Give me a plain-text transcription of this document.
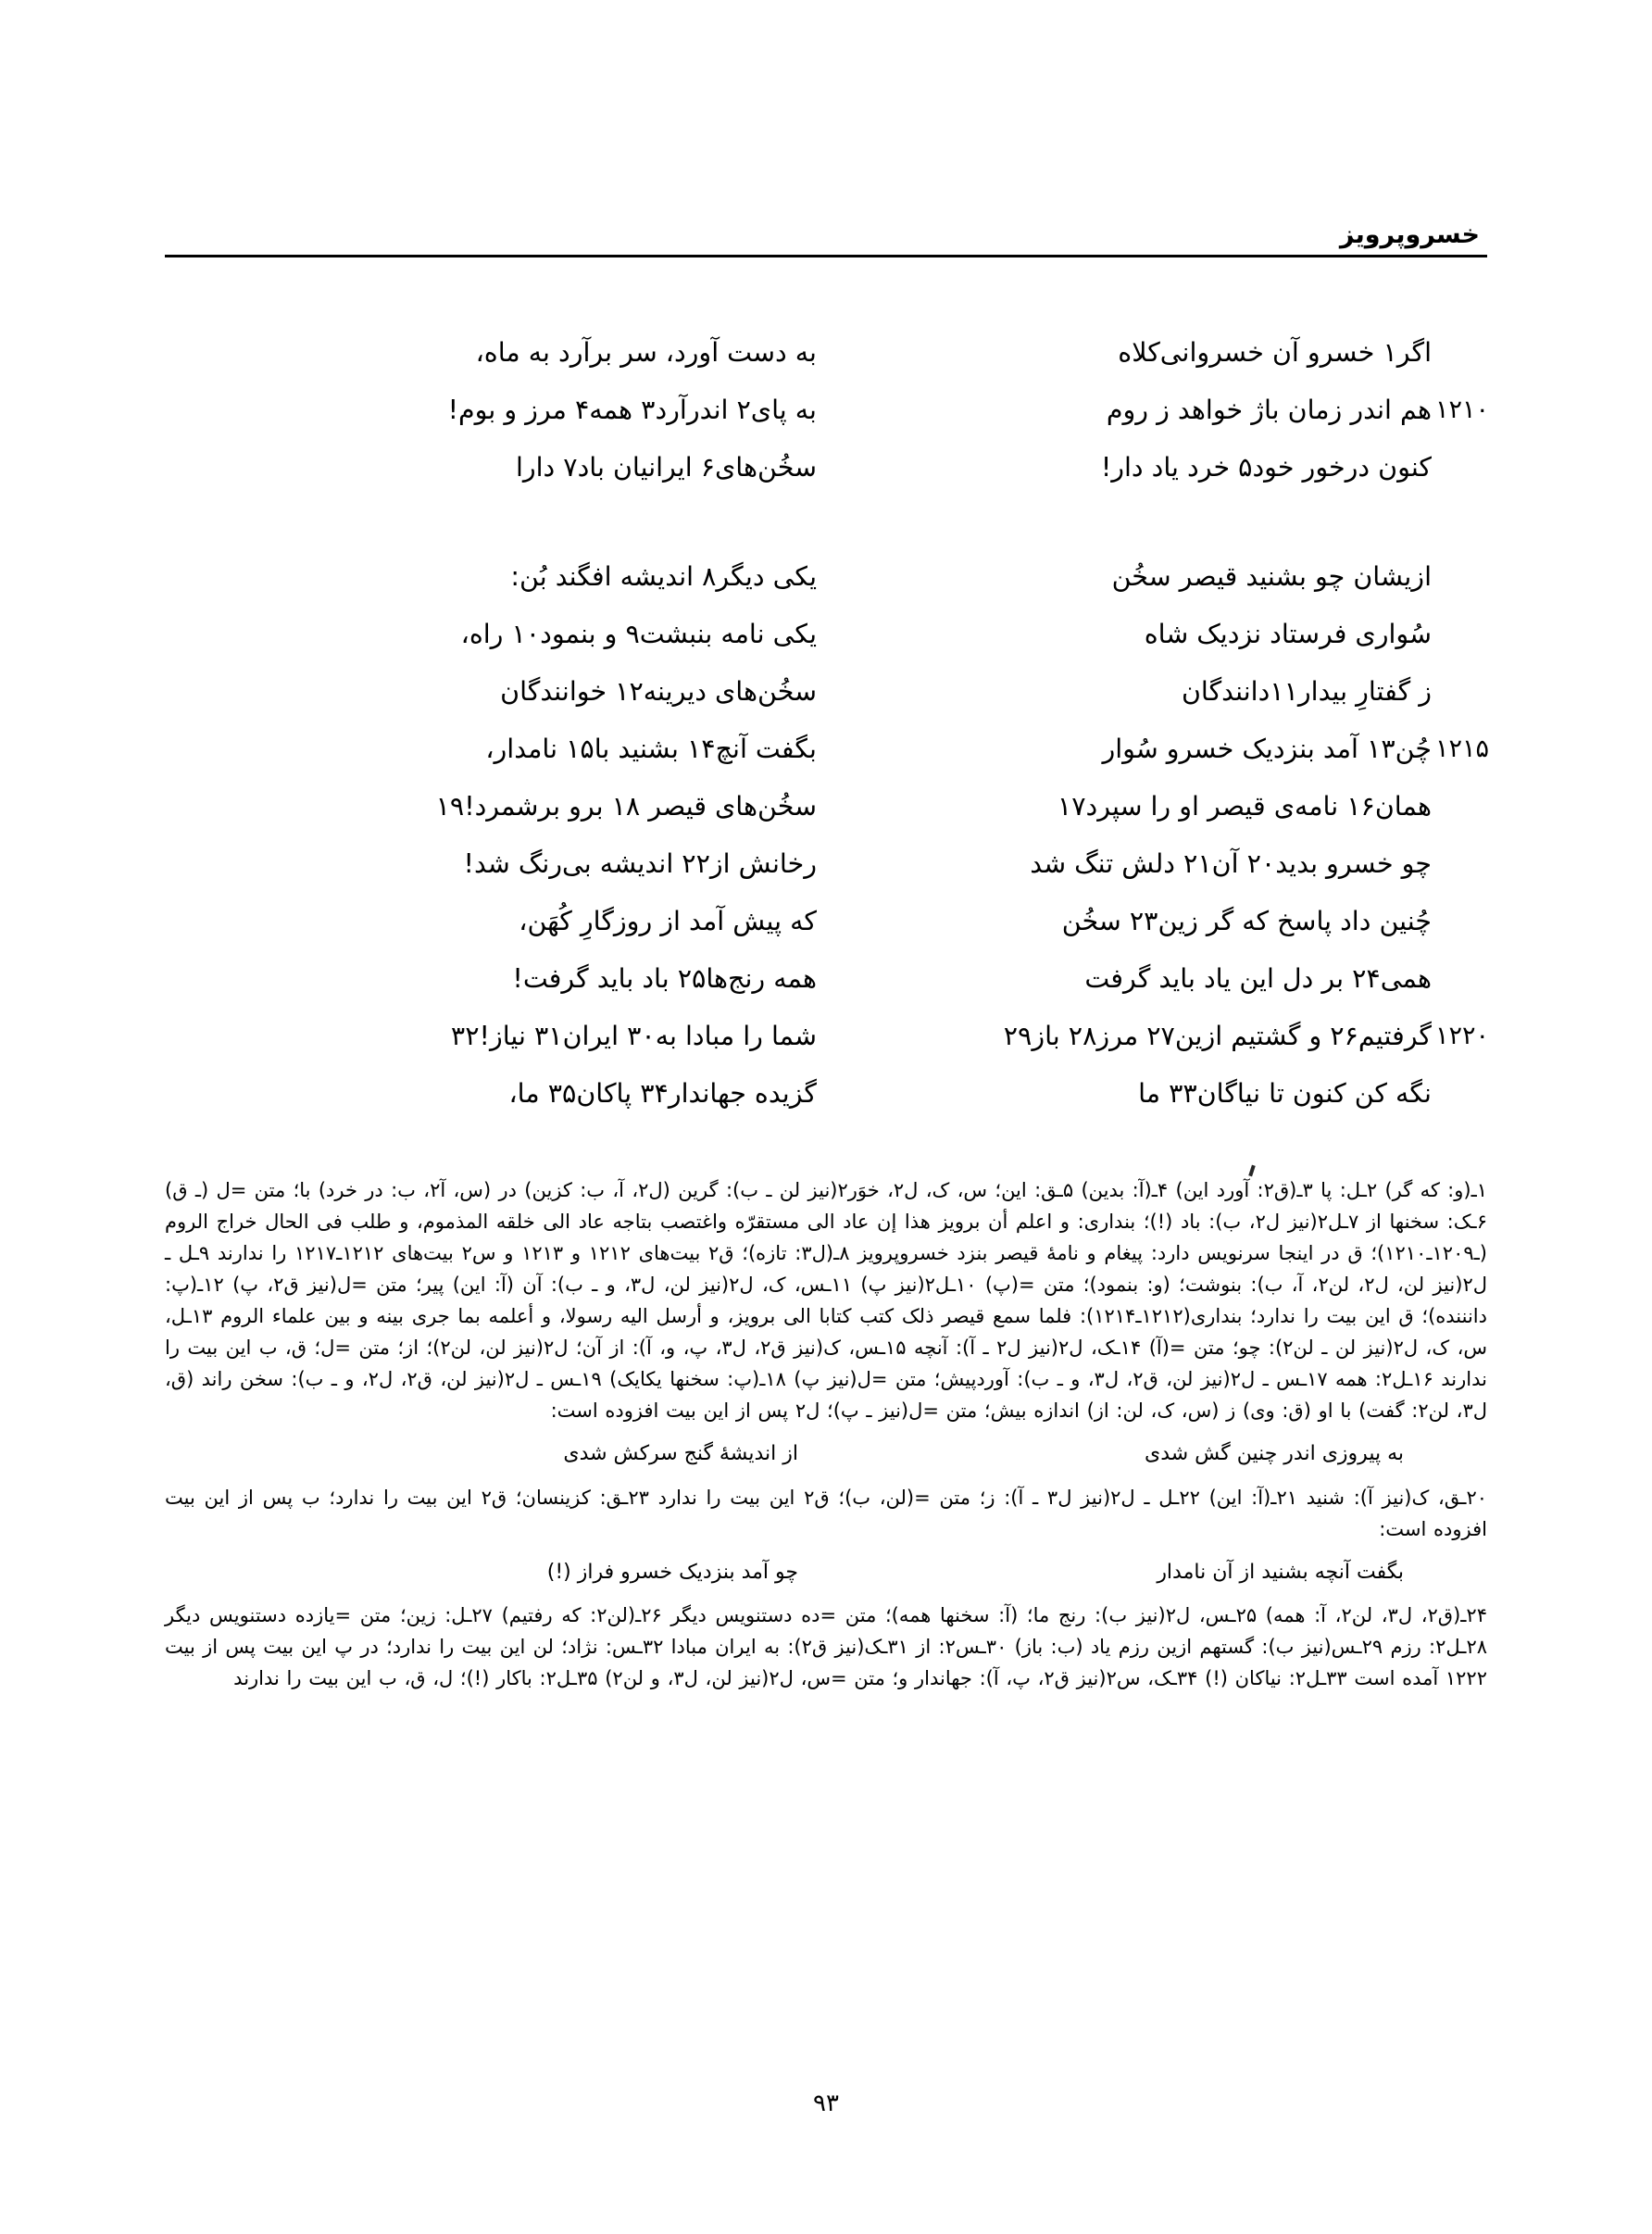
خسروپرویز
اگر۱ خسرو آن خسروانی‌کلاه
به دست آورد، سر برآرد به ماه،
هم اندر زمان باژ خواهد ز روم ۱۲۱۰
به پای۲ اندرآرد۳ همه۴ مرز و بوم!
کنون درخور خود۵ خرد یاد دار!
سخُن‌های۶ ایرانیان باد۷ دارا
ازیشان چو بشنید قیصر سخُن
یکی دیگر۸ اندیشه افگند بُن:
سُواری فرستاد نزدیک شاه
یکی نامه بنبشت۹ و بنمود۱۰ راه،
ز گفتارِ بیدار۱۱دانندگان
سخُن‌های دیرینه۱۲ خوانندگان
چُن۱۳ آمد بنزدیک خسرو سُوار ۱۲۱۵
بگفت آنچ۱۴ بشنید با۱۵ نامدار،
همان۱۶ نامه‌ی قیصر او را سپرد۱۷
سخُن‌های قیصر ۱۸ برو برشمرد!۱۹
چو خسرو بدید۲۰ آن۲۱ دلش تنگ شد
رخانش از۲۲ اندیشه بی‌رنگ شد!
چُنین داد پاسخ که گر زین۲۳ سخُن
که پیش آمد از روزگارِ کُهَن،
همی۲۴ بر دل این یاد باید گرفت
همه رنج‌ها۲۵ باد باید گرفت!
گرفتیم۲۶ و گشتیم ازین۲۷ مرز۲۸ باز۲۹ ۱۲۲۰
شما را مبادا به۳۰ ایران۳۱ نیاز!۳۲
نگه کن کنون تا نیاگان۳۳ ما
گزیده جهاندار۳۴ پاکان۳۵ ما،

۱ـ(و: که گر) ۲ـل: پا ۳ـ(ق۲: آورد این) ۴ـ(آ: بدین) ۵ـق: این؛ س، ک، ل۲، خوَر۲(نیز لن ـ ب): گرین (ل۲، آ، ب: کزین) در (س، آ۲، ب: در خرد) با؛ متن =ل (ـ ق) ۶ـک: سخنها از ۷ـل۲(نیز ل۲، ب): باد (!)؛ بنداری: و اعلم أن برویز هذا إن عاد الی مستقرّه واغتصب بتاجه عاد الی خلقه المذموم، و طلب فی الحال خراج الروم (ـ۱۲۰۹ـ۱۲۱۰)؛ ق در اینجا سرنویس دارد: پیغام و نامهٔ قیصر بنزد خسروپرویز ۸ـ(ل۳: تازه)؛ ق۲ بیت‌های ۱۲۱۲ و ۱۲۱۳ و س۲ بیت‌های ۱۲۱۲ـ۱۲۱۷ را ندارند ۹ـل ـ ل۲(نیز لن، ل۲، لن۲، آ، ب): بنوشت؛ (و: بنمود)؛ متن =(پ) ۱۰ـل۲(نیز پ) ۱۱ـس، ک، ل۲(نیز لن، ل۳، و ـ ب): آن (آ: این) پیر؛ متن =ل(نیز ق۲، پ) ۱۲ـ(پ: دانننده)؛ ق این بیت را ندارد؛ بنداری(۱۲۱۲ـ۱۲۱۴): فلما سمع قیصر ذلک کتب کتابا الی برویز، و أرسل الیه رسولا، و أعلمه بما جری بینه و بین علماء الروم ۱۳ـل، س، ک، ل۲(نیز لن ـ لن۲): چو؛ متن =(آ) ۱۴ـک، ل۲(نیز ل۲ ـ آ): آنچه ۱۵ـس، ک(نیز ق۲، ل۳، پ، و، آ): از آن؛ ل۲(نیز لن، لن۲)؛ از؛ متن =ل؛ ق، ب این بیت را ندارند ۱۶ـل۲: همه ۱۷ـس ـ ل۲(نیز لن، ق۲، ل۳، و ـ ب): آوردپیش؛ متن =ل(نیز پ) ۱۸ـ(پ: سخنها یکایک) ۱۹ـس ـ ل۲(نیز لن، ق۲، ل۲، و ـ ب): سخن راند (ق، ل۳، لن۲: گفت) با او (ق: وی) ز (س، ک، لن: از) اندازه بیش؛ متن =ل(نیز ـ پ)؛ ل۲ پس از این بیت افزوده است:

به پیروزی اندر چنین گش شدی
از اندیشهٔ گنج سرکش شدی

۲۰ـق، ک(نیز آ): شنید ۲۱ـ(آ: این) ۲۲ـل ـ ل۲(نیز ل۳ ـ آ): ز؛ متن =(لن، ب)؛ ق۲ این بیت را ندارد ۲۳ـق: کزینسان؛ ق۲ این بیت را ندارد؛ ب پس از این بیت افزوده است:

بگفت آنچه بشنید از آن نامدار
چو آمد بنزدیک خسرو فراز (!)

۲۴ـ(ق۲، ل۳، لن۲، آ: همه) ۲۵ـس، ل۲(نیز ب): رنج ما؛ (آ: سخنها همه)؛ متن =ده دستنویس دیگر ۲۶ـ(لن۲: که رفتیم) ۲۷ـل: زین؛ متن =یازده دستنویس دیگر ۲۸ـل۲: رزم ۲۹ـس(نیز ب): گستهم ازین رزم یاد (ب: باز) ۳۰ـس۲: از ۳۱ـک(نیز ق۲): به ایران مبادا ۳۲ـس: نژاد؛ لن این بیت را ندارد؛ در پ این بیت پس از بیت ۱۲۲۲ آمده است ۳۳ـل۲: نیاکان (!) ۳۴ـک، س۲(نیز ق۲، پ، آ): جهاندار و؛ متن =س، ل۲(نیز لن، ل۳، و لن۲) ۳۵ـل۲: باکار (!)؛ ل، ق، ب این بیت را ندارند

۹۳
